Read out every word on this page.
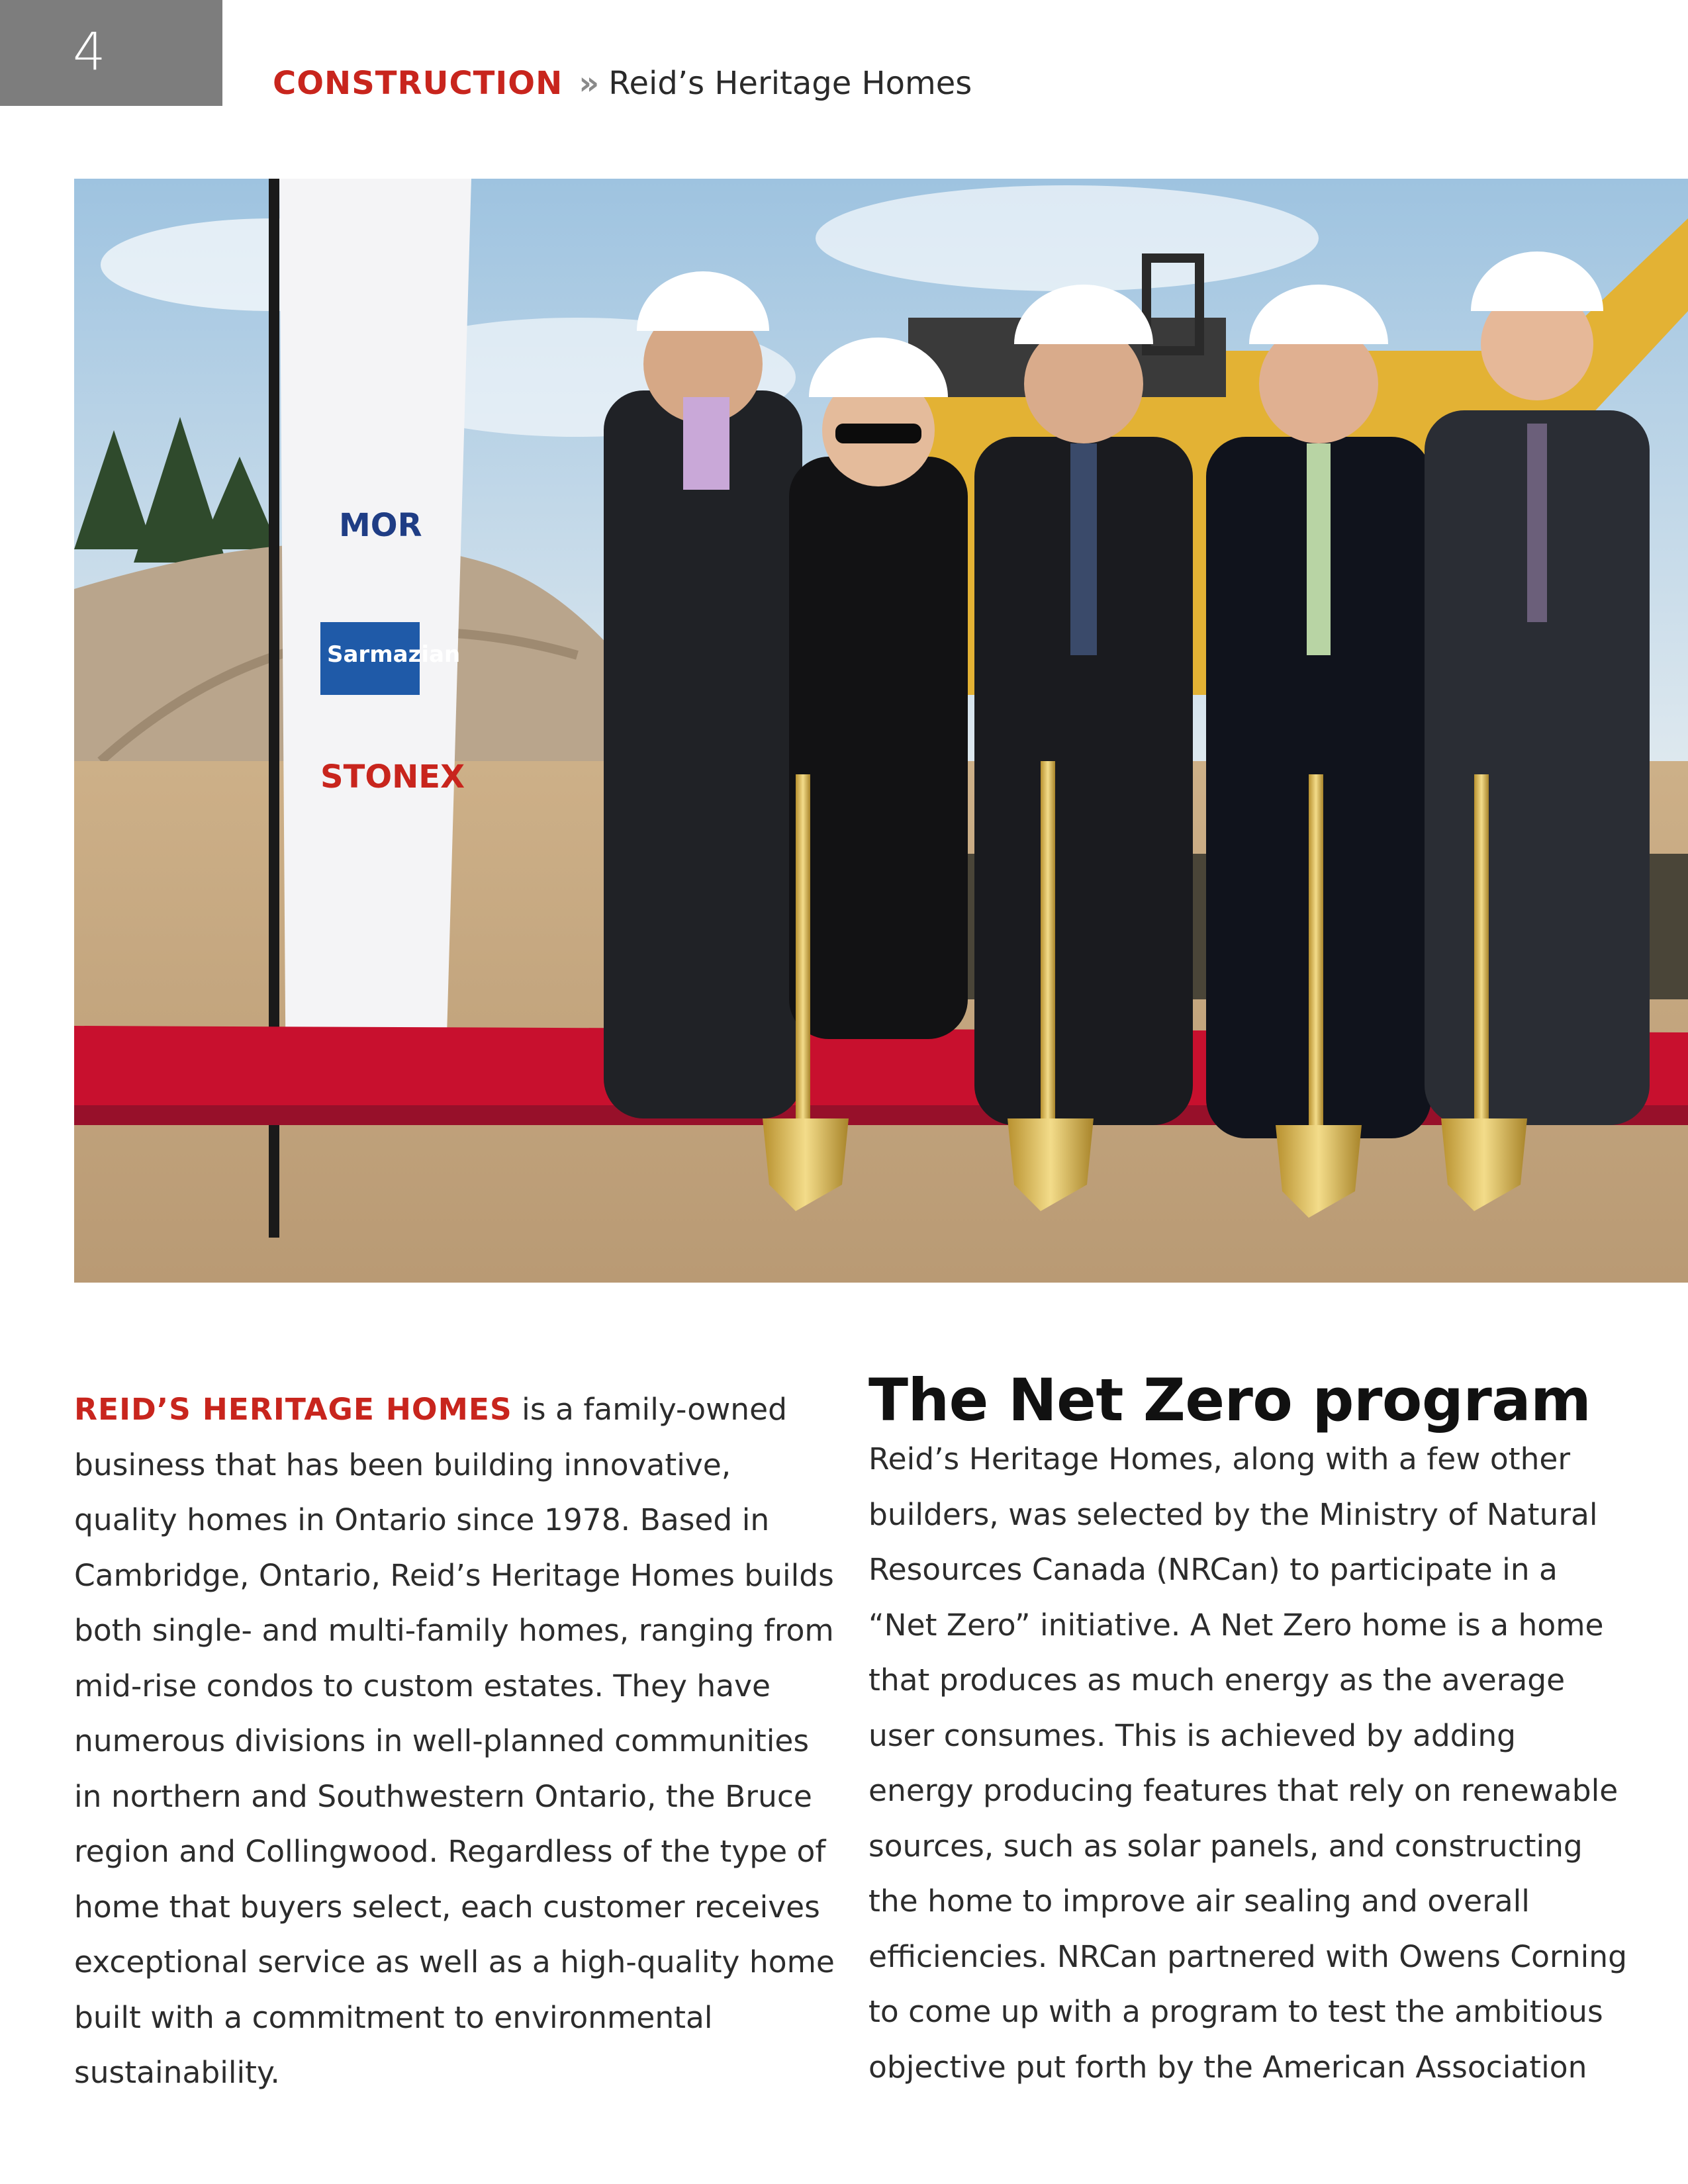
4
CONSTRUCTION » Reid’s Heritage Homes
MOR
Sarmazian
STONEX

REID’S HERITAGE HOMES is a family-owned business that has been building innovative, quality homes in Ontario since 1978. Based in Cambridge, Ontario, Reid’s Heritage Homes builds both single- and multi-family homes, ranging from mid-rise condos to custom estates. They have numerous divisions in well-planned communities in northern and Southwestern Ontario, the Bruce region and Collingwood. Regardless of the type of home that buyers select, each customer receives exceptional service as well as a high-quality home built with a commitment to environmental sustainability.

The Net Zero program

Reid’s Heritage Homes, along with a few other builders, was selected by the Ministry of Natural Resources Canada (NRCan) to participate in a “Net Zero” initiative. A Net Zero home is a home that produces as much energy as the average user consumes. This is achieved by adding energy producing features that rely on renewable sources, such as solar panels, and constructing the home to improve air sealing and overall efficiencies. NRCan partnered with Owens Corning to come up with a program to test the ambitious objective put forth by the American Association
